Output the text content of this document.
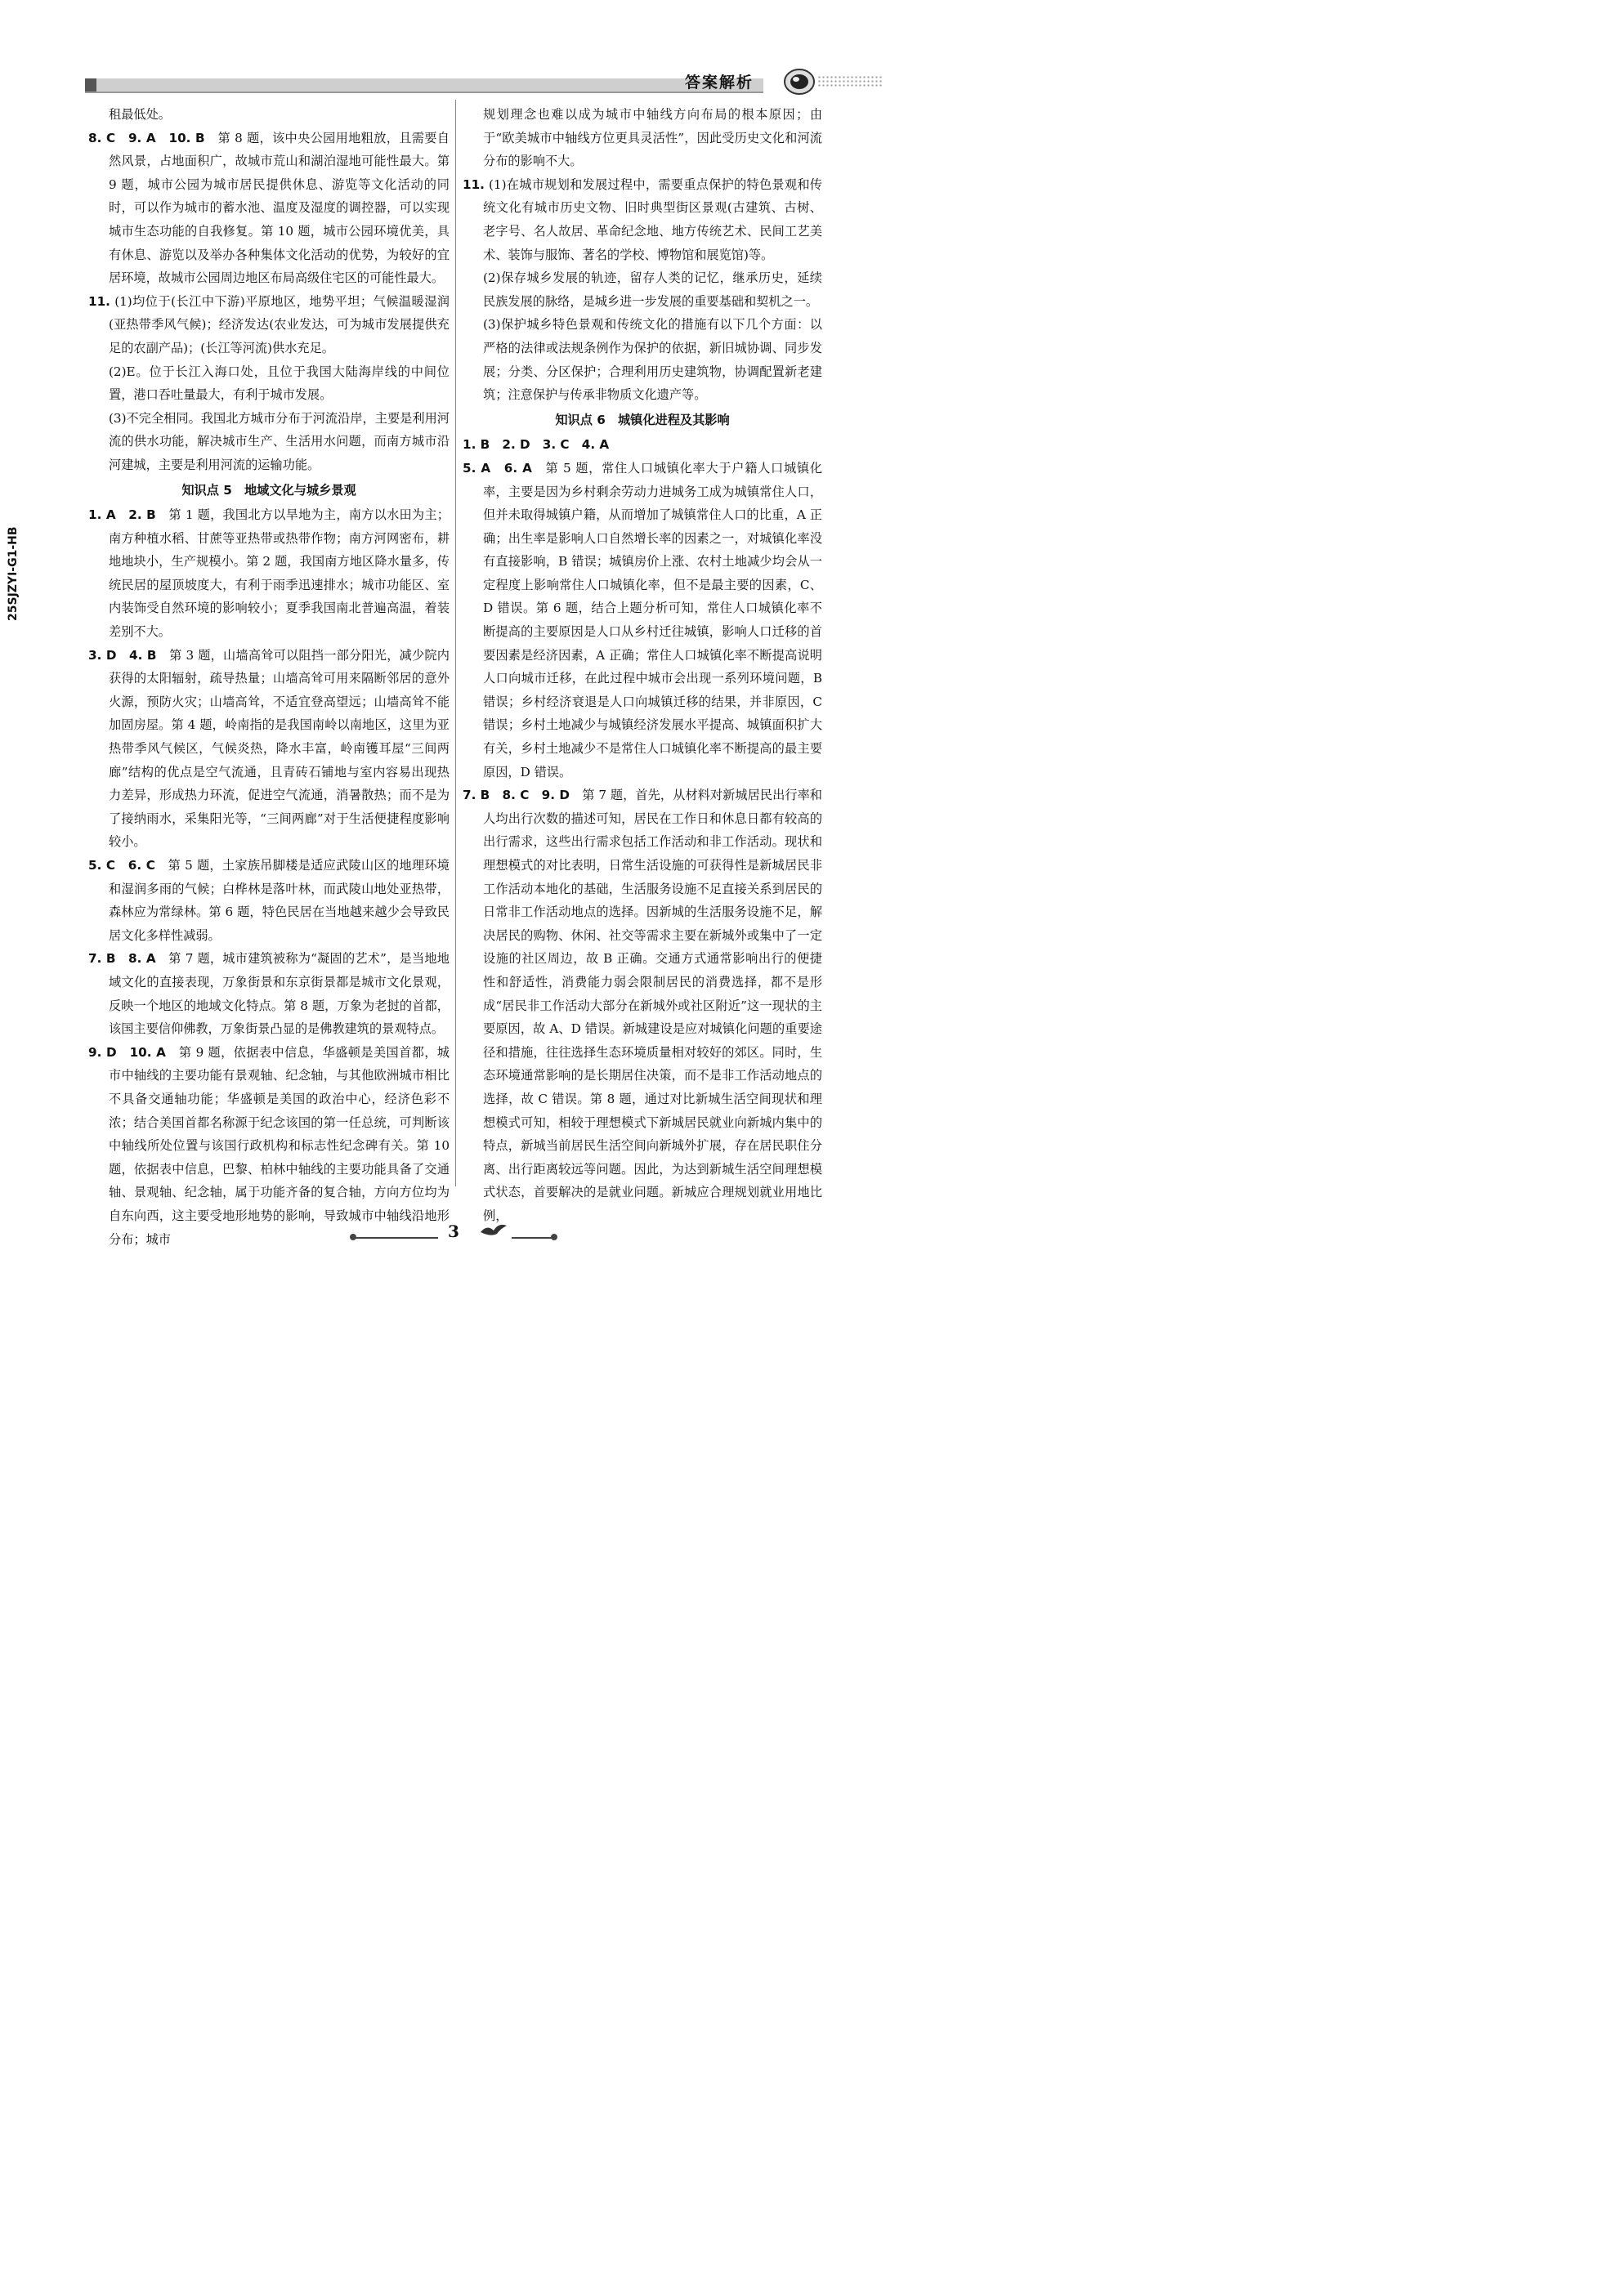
答案解析
25SJZYI-G1-HB

租最低处。

8. C　9. A　10. B　第 8 题，该中央公园用地粗放，且需要自然风景，占地面积广，故城市荒山和湖泊湿地可能性最大。第 9 题，城市公园为城市居民提供休息、游览等文化活动的同时，可以作为城市的蓄水池、温度及湿度的调控器，可以实现城市生态功能的自我修复。第 10 题，城市公园环境优美，具有休息、游览以及举办各种集体文化活动的优势，为较好的宜居环境，故城市公园周边地区布局高级住宅区的可能性最大。

11. (1)均位于(长江中下游)平原地区，地势平坦；气候温暖湿润(亚热带季风气候)；经济发达(农业发达，可为城市发展提供充足的农副产品)；(长江等河流)供水充足。

(2)E。位于长江入海口处，且位于我国大陆海岸线的中间位置，港口吞吐量最大，有利于城市发展。

(3)不完全相同。我国北方城市分布于河流沿岸，主要是利用河流的供水功能，解决城市生产、生活用水问题，而南方城市沿河建城，主要是利用河流的运输功能。

知识点 5　地域文化与城乡景观

1. A　2. B　第 1 题，我国北方以旱地为主，南方以水田为主；南方种植水稻、甘蔗等亚热带或热带作物；南方河网密布，耕地地块小，生产规模小。第 2 题，我国南方地区降水量多，传统民居的屋顶坡度大，有利于雨季迅速排水；城市功能区、室内装饰受自然环境的影响较小；夏季我国南北普遍高温，着装差别不大。

3. D　4. B　第 3 题，山墙高耸可以阻挡一部分阳光，减少院内获得的太阳辐射，疏导热量；山墙高耸可用来隔断邻居的意外火源，预防火灾；山墙高耸，不适宜登高望远；山墙高耸不能加固房屋。第 4 题，岭南指的是我国南岭以南地区，这里为亚热带季风气候区，气候炎热，降水丰富，岭南镬耳屋“三间两廊”结构的优点是空气流通，且青砖石铺地与室内容易出现热力差异，形成热力环流，促进空气流通，消暑散热；而不是为了接纳雨水，采集阳光等，“三间两廊”对于生活便捷程度影响较小。

5. C　6. C　第 5 题，土家族吊脚楼是适应武陵山区的地理环境和湿润多雨的气候；白桦林是落叶林，而武陵山地处亚热带，森林应为常绿林。第 6 题，特色民居在当地越来越少会导致民居文化多样性减弱。

7. B　8. A　第 7 题，城市建筑被称为“凝固的艺术”，是当地地域文化的直接表现，万象街景和东京街景都是城市文化景观，反映一个地区的地域文化特点。第 8 题，万象为老挝的首都，该国主要信仰佛教，万象街景凸显的是佛教建筑的景观特点。

9. D　10. A　第 9 题，依据表中信息，华盛顿是美国首都，城市中轴线的主要功能有景观轴、纪念轴，与其他欧洲城市相比不具备交通轴功能；华盛顿是美国的政治中心，经济色彩不浓；结合美国首都名称源于纪念该国的第一任总统，可判断该中轴线所处位置与该国行政机构和标志性纪念碑有关。第 10 题，依据表中信息，巴黎、柏林中轴线的主要功能具备了交通轴、景观轴、纪念轴，属于功能齐备的复合轴，方向方位均为自东向西，这主要受地形地势的影响，导致城市中轴线沿地形分布；城市

规划理念也难以成为城市中轴线方向布局的根本原因；由于“欧美城市中轴线方位更具灵活性”，因此受历史文化和河流分布的影响不大。

11. (1)在城市规划和发展过程中，需要重点保护的特色景观和传统文化有城市历史文物、旧时典型街区景观(古建筑、古树、老字号、名人故居、革命纪念地、地方传统艺术、民间工艺美术、装饰与服饰、著名的学校、博物馆和展览馆)等。

(2)保存城乡发展的轨迹，留存人类的记忆，继承历史，延续民族发展的脉络，是城乡进一步发展的重要基础和契机之一。

(3)保护城乡特色景观和传统文化的措施有以下几个方面：以严格的法律或法规条例作为保护的依据，新旧城协调、同步发展；分类、分区保护；合理利用历史建筑物，协调配置新老建筑；注意保护与传承非物质文化遗产等。

知识点 6　城镇化进程及其影响

1. B　2. D　3. C　4. A

5. A　6. A　第 5 题，常住人口城镇化率大于户籍人口城镇化率，主要是因为乡村剩余劳动力进城务工成为城镇常住人口，但并未取得城镇户籍，从而增加了城镇常住人口的比重，A 正确；出生率是影响人口自然增长率的因素之一，对城镇化率没有直接影响，B 错误；城镇房价上涨、农村土地减少均会从一定程度上影响常住人口城镇化率，但不是最主要的因素，C、D 错误。第 6 题，结合上题分析可知，常住人口城镇化率不断提高的主要原因是人口从乡村迁往城镇，影响人口迁移的首要因素是经济因素，A 正确；常住人口城镇化率不断提高说明人口向城市迁移，在此过程中城市会出现一系列环境问题，B 错误；乡村经济衰退是人口向城镇迁移的结果，并非原因，C 错误；乡村土地减少与城镇经济发展水平提高、城镇面积扩大有关，乡村土地减少不是常住人口城镇化率不断提高的最主要原因，D 错误。

7. B　8. C　9. D　第 7 题，首先，从材料对新城居民出行率和人均出行次数的描述可知，居民在工作日和休息日都有较高的出行需求，这些出行需求包括工作活动和非工作活动。现状和理想模式的对比表明，日常生活设施的可获得性是新城居民非工作活动本地化的基础，生活服务设施不足直接关系到居民的日常非工作活动地点的选择。因新城的生活服务设施不足，解决居民的购物、休闲、社交等需求主要在新城外或集中了一定设施的社区周边，故 B 正确。交通方式通常影响出行的便捷性和舒适性，消费能力弱会限制居民的消费选择，都不是形成“居民非工作活动大部分在新城外或社区附近”这一现状的主要原因，故 A、D 错误。新城建设是应对城镇化问题的重要途径和措施，往往选择生态环境质量相对较好的郊区。同时，生态环境通常影响的是长期居住决策，而不是非工作活动地点的选择，故 C 错误。第 8 题，通过对比新城生活空间现状和理想模式可知，相较于理想模式下新城居民就业向新城内集中的特点，新城当前居民生活空间向新城外扩展，存在居民职住分离、出行距离较远等问题。因此，为达到新城生活空间理想模式状态，首要解决的是就业问题。新城应合理规划就业用地比例，

3
